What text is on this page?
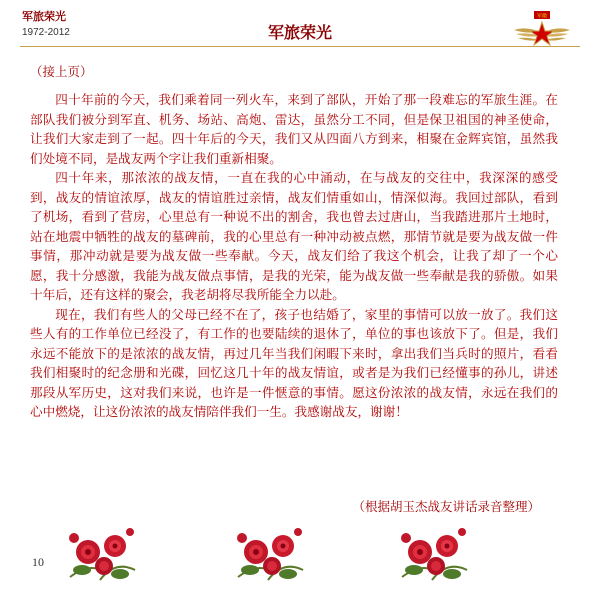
军旅荣光
1972-2012	军旅荣光
军徽
（接上页）

四十年前的今天，我们乘着同一列火车，来到了部队，开始了那一段难忘的军旅生涯。在部队我们被分到军直、机务、场站、高炮、雷达，虽然分工不同，但是保卫祖国的神圣使命，让我们大家走到了一起。四十年后的今天，我们又从四面八方到来，相聚在金辉宾馆，虽然我们处境不同，是战友两个字让我们重新相聚。

四十年来，那浓浓的战友情，一直在我的心中涌动，在与战友的交往中，我深深的感受到，战友的情谊浓厚，战友的情谊胜过亲情，战友们情重如山，情深似海。我回过部队，看到了机场，看到了营房，心里总有一种说不出的割舍，我也曾去过唐山，当我踏进那片土地时，站在地震中牺牲的战友的墓碑前，我的心里总有一种冲动被点燃，那情节就是要为战友做一件事情，那冲动就是要为战友做一些奉献。今天，战友们给了我这个机会，让我了却了一个心愿，我十分感激，我能为战友做点事情，是我的光荣，能为战友做一些奉献是我的骄傲。如果十年后，还有这样的聚会，我老胡将尽我所能全力以赴。

现在，我们有些人的父母已经不在了，孩子也结婚了，家里的事情可以放一放了。我们这些人有的工作单位已经没了，有工作的也要陆续的退休了，单位的事也该放下了。但是，我们永远不能放下的是浓浓的战友情，再过几年当我们闲暇下来时，拿出我们当兵时的照片，看看我们相聚时的纪念册和光碟，回忆这几十年的战友情谊，或者是为我们已经懂事的孙儿，讲述那段从军历史，这对我们来说，也许是一件惬意的事情。愿这份浓浓的战友情，永远在我们的心中燃烧，让这份浓浓的战友情陪伴我们一生。我感谢战友，谢谢！

（根据胡玉杰战友讲话录音整理）
10
